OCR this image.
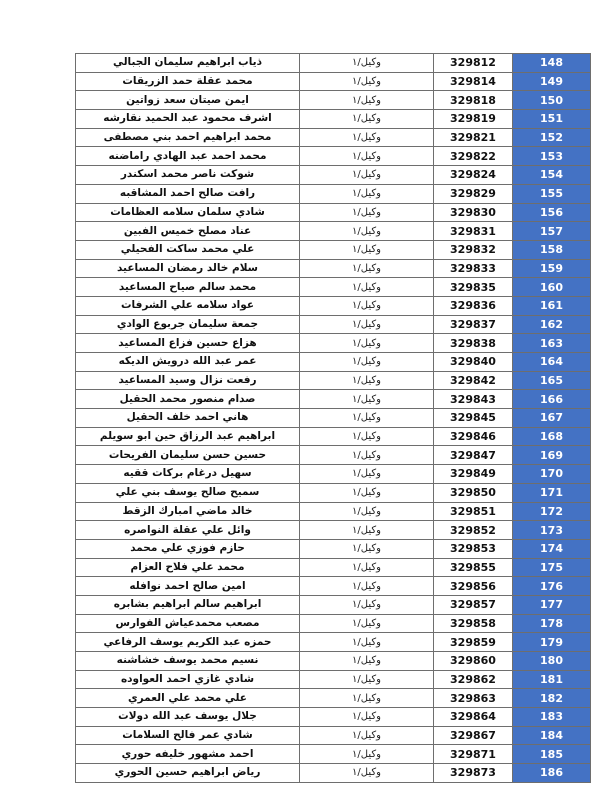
ذياب ابراهيم سليمان الجبالي	وكيل/١	329812	148
محمد عقلة حمد الزريقات	وكيل/١	329814	149
ايمن صيتان سعد زواتين	وكيل/١	329818	150
اشرف محمود عبد الحميد نقارشه	وكيل/١	329819	151
محمد ابراهيم احمد بني مصطفى	وكيل/١	329821	152
محمد احمد عبد الهادي راماضنه	وكيل/١	329822	153
شوكت ناصر محمد اسكندر	وكيل/١	329824	154
رافت صالح احمد المشاقبه	وكيل/١	329829	155
شادي سلمان سلامه العظامات	وكيل/١	329830	156
عناد مصلح خميس الفبين	وكيل/١	329831	157
علي محمد ساكت الفحيلي	وكيل/١	329832	158
سلام خالد رمضان المساعيد	وكيل/١	329833	159
محمد سالم صياح المساعيد	وكيل/١	329835	160
عواد سلامه علي الشرفات	وكيل/١	329836	161
جمعة سليمان جربوع الوادي	وكيل/١	329837	162
هزاع حسين فزاع المساعيد	وكيل/١	329838	163
عمر عبد الله درويش الديكه	وكيل/١	329840	164
رفعت نزال وسيد المساعيد	وكيل/١	329842	165
صدام منصور محمد الحقيل	وكيل/١	329843	166
هاني احمد خلف الحقيل	وكيل/١	329845	167
ابراهيم عبد الرزاق حين ابو سويلم	وكيل/١	329846	168
حسين حسن سليمان الفريحات	وكيل/١	329847	169
سهيل درغام بركات ققيه	وكيل/١	329849	170
سميح صالح يوسف بني علي	وكيل/١	329850	171
خالد ماضي امبارك الزقط	وكيل/١	329851	172
وائل علي عقلة النواصره	وكيل/١	329852	173
حازم فوزي علي محمد	وكيل/١	329853	174
محمد علي فلاح العزام	وكيل/١	329855	175
امين صالح احمد نوافله	وكيل/١	329856	176
ابراهيم سالم ابراهيم بشابره	وكيل/١	329857	177
مصعب محمدعياش الفوارس	وكيل/١	329858	178
حمزه عبد الكريم يوسف الرفاعي	وكيل/١	329859	179
نسيم محمد يوسف خشاشنه	وكيل/١	329860	180
شادي غازي احمد العواوده	وكيل/١	329862	181
علي محمد علي العمري	وكيل/١	329863	182
جلال يوسف عبد الله دولات	وكيل/١	329864	183
شادي عمر فالح السلامات	وكيل/١	329867	184
احمد مشهور خليفه حوري	وكيل/١	329871	185
رياض ابراهيم حسين الحوري	وكيل/١	329873	186
